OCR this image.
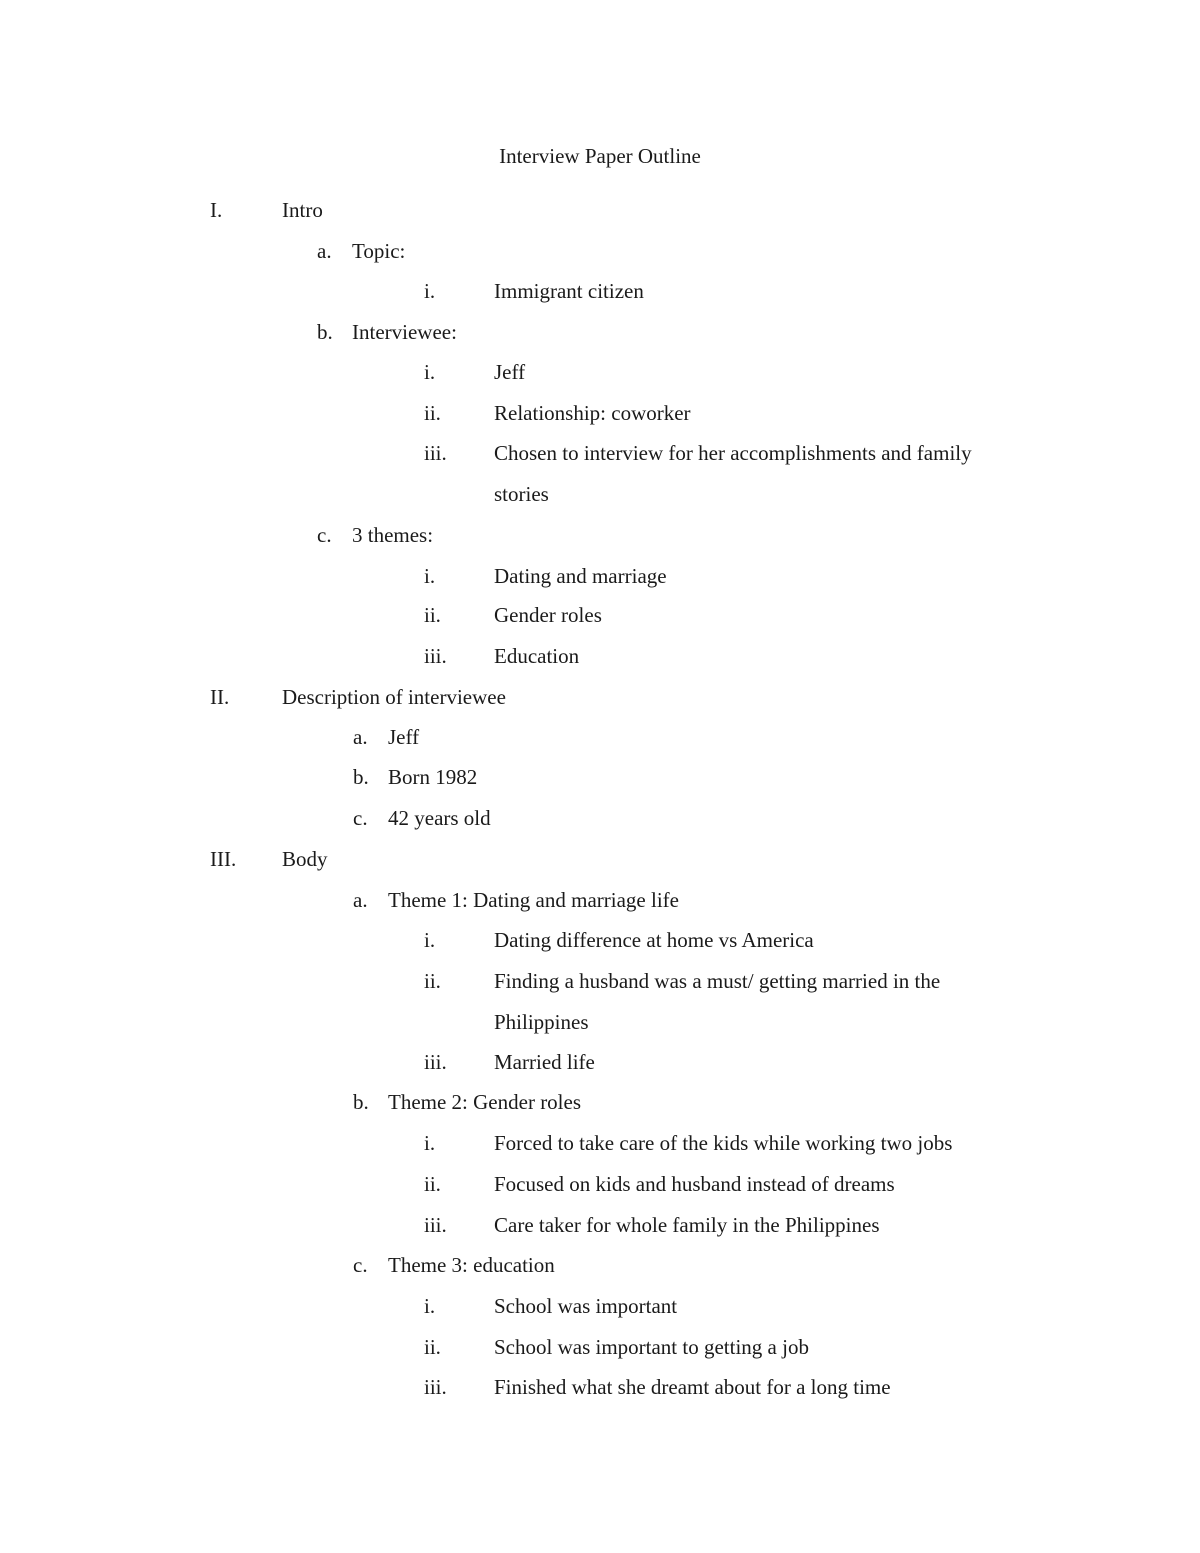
Interview Paper Outline
I.	Intro
a. Topic:
i.	Immigrant citizen
b. Interviewee:
i.	Jeff
ii.	Relationship: coworker
iii. Chosen to interview for her accomplishments and family
stories
c. 3 themes:
i.	Dating and marriage
ii.	Gender roles
iii. Education
II.	Description of interviewee
a. Jeff
b. Born 1982
c. 42 years old
III. Body
a. Theme 1: Dating and marriage life
i.	Dating difference at home vs America
ii.	Finding a husband was a must/ getting married in the
Philippines
iii. Married life
b. Theme 2: Gender roles
i.	Forced to take care of the kids while working two jobs
ii.	Focused on kids and husband instead of dreams
iii. Care taker for whole family in the Philippines
c. Theme 3: education
i.	School was important
ii.	School was important to getting a job
iii. Finished what she dreamt about for a long time
